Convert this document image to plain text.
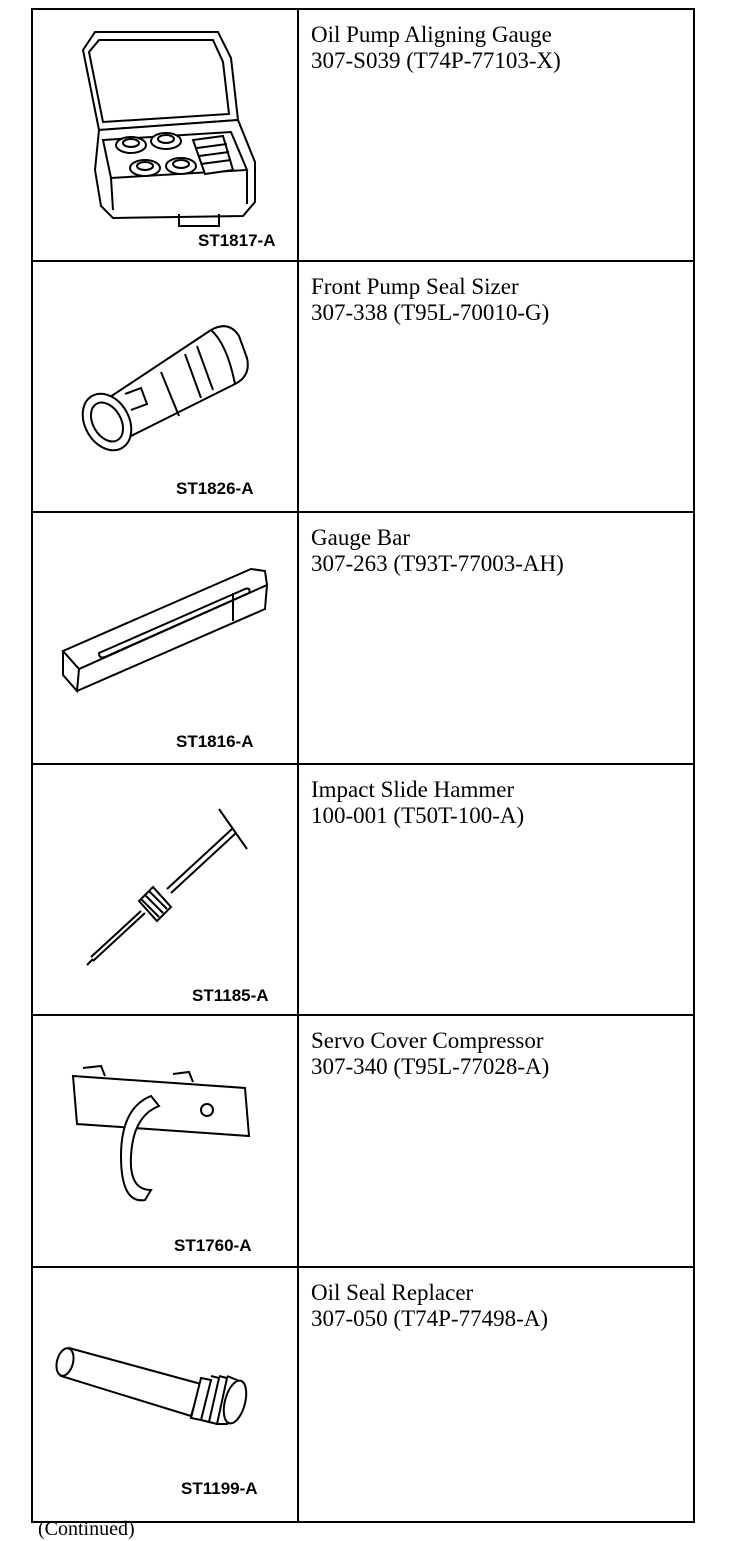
ST1817-A
Oil Pump Aligning Gauge
307-S039 (T74P-77103-X)
ST1826-A
Front Pump Seal Sizer
307-338 (T95L-70010-G)
ST1816-A
Gauge Bar
307-263 (T93T-77003-AH)
ST1185-A
Impact Slide Hammer
100-001 (T50T-100-A)
ST1760-A
Servo Cover Compressor
307-340 (T95L-77028-A)
ST1199-A
Oil Seal Replacer
307-050 (T74P-77498-A)
(Continued)
